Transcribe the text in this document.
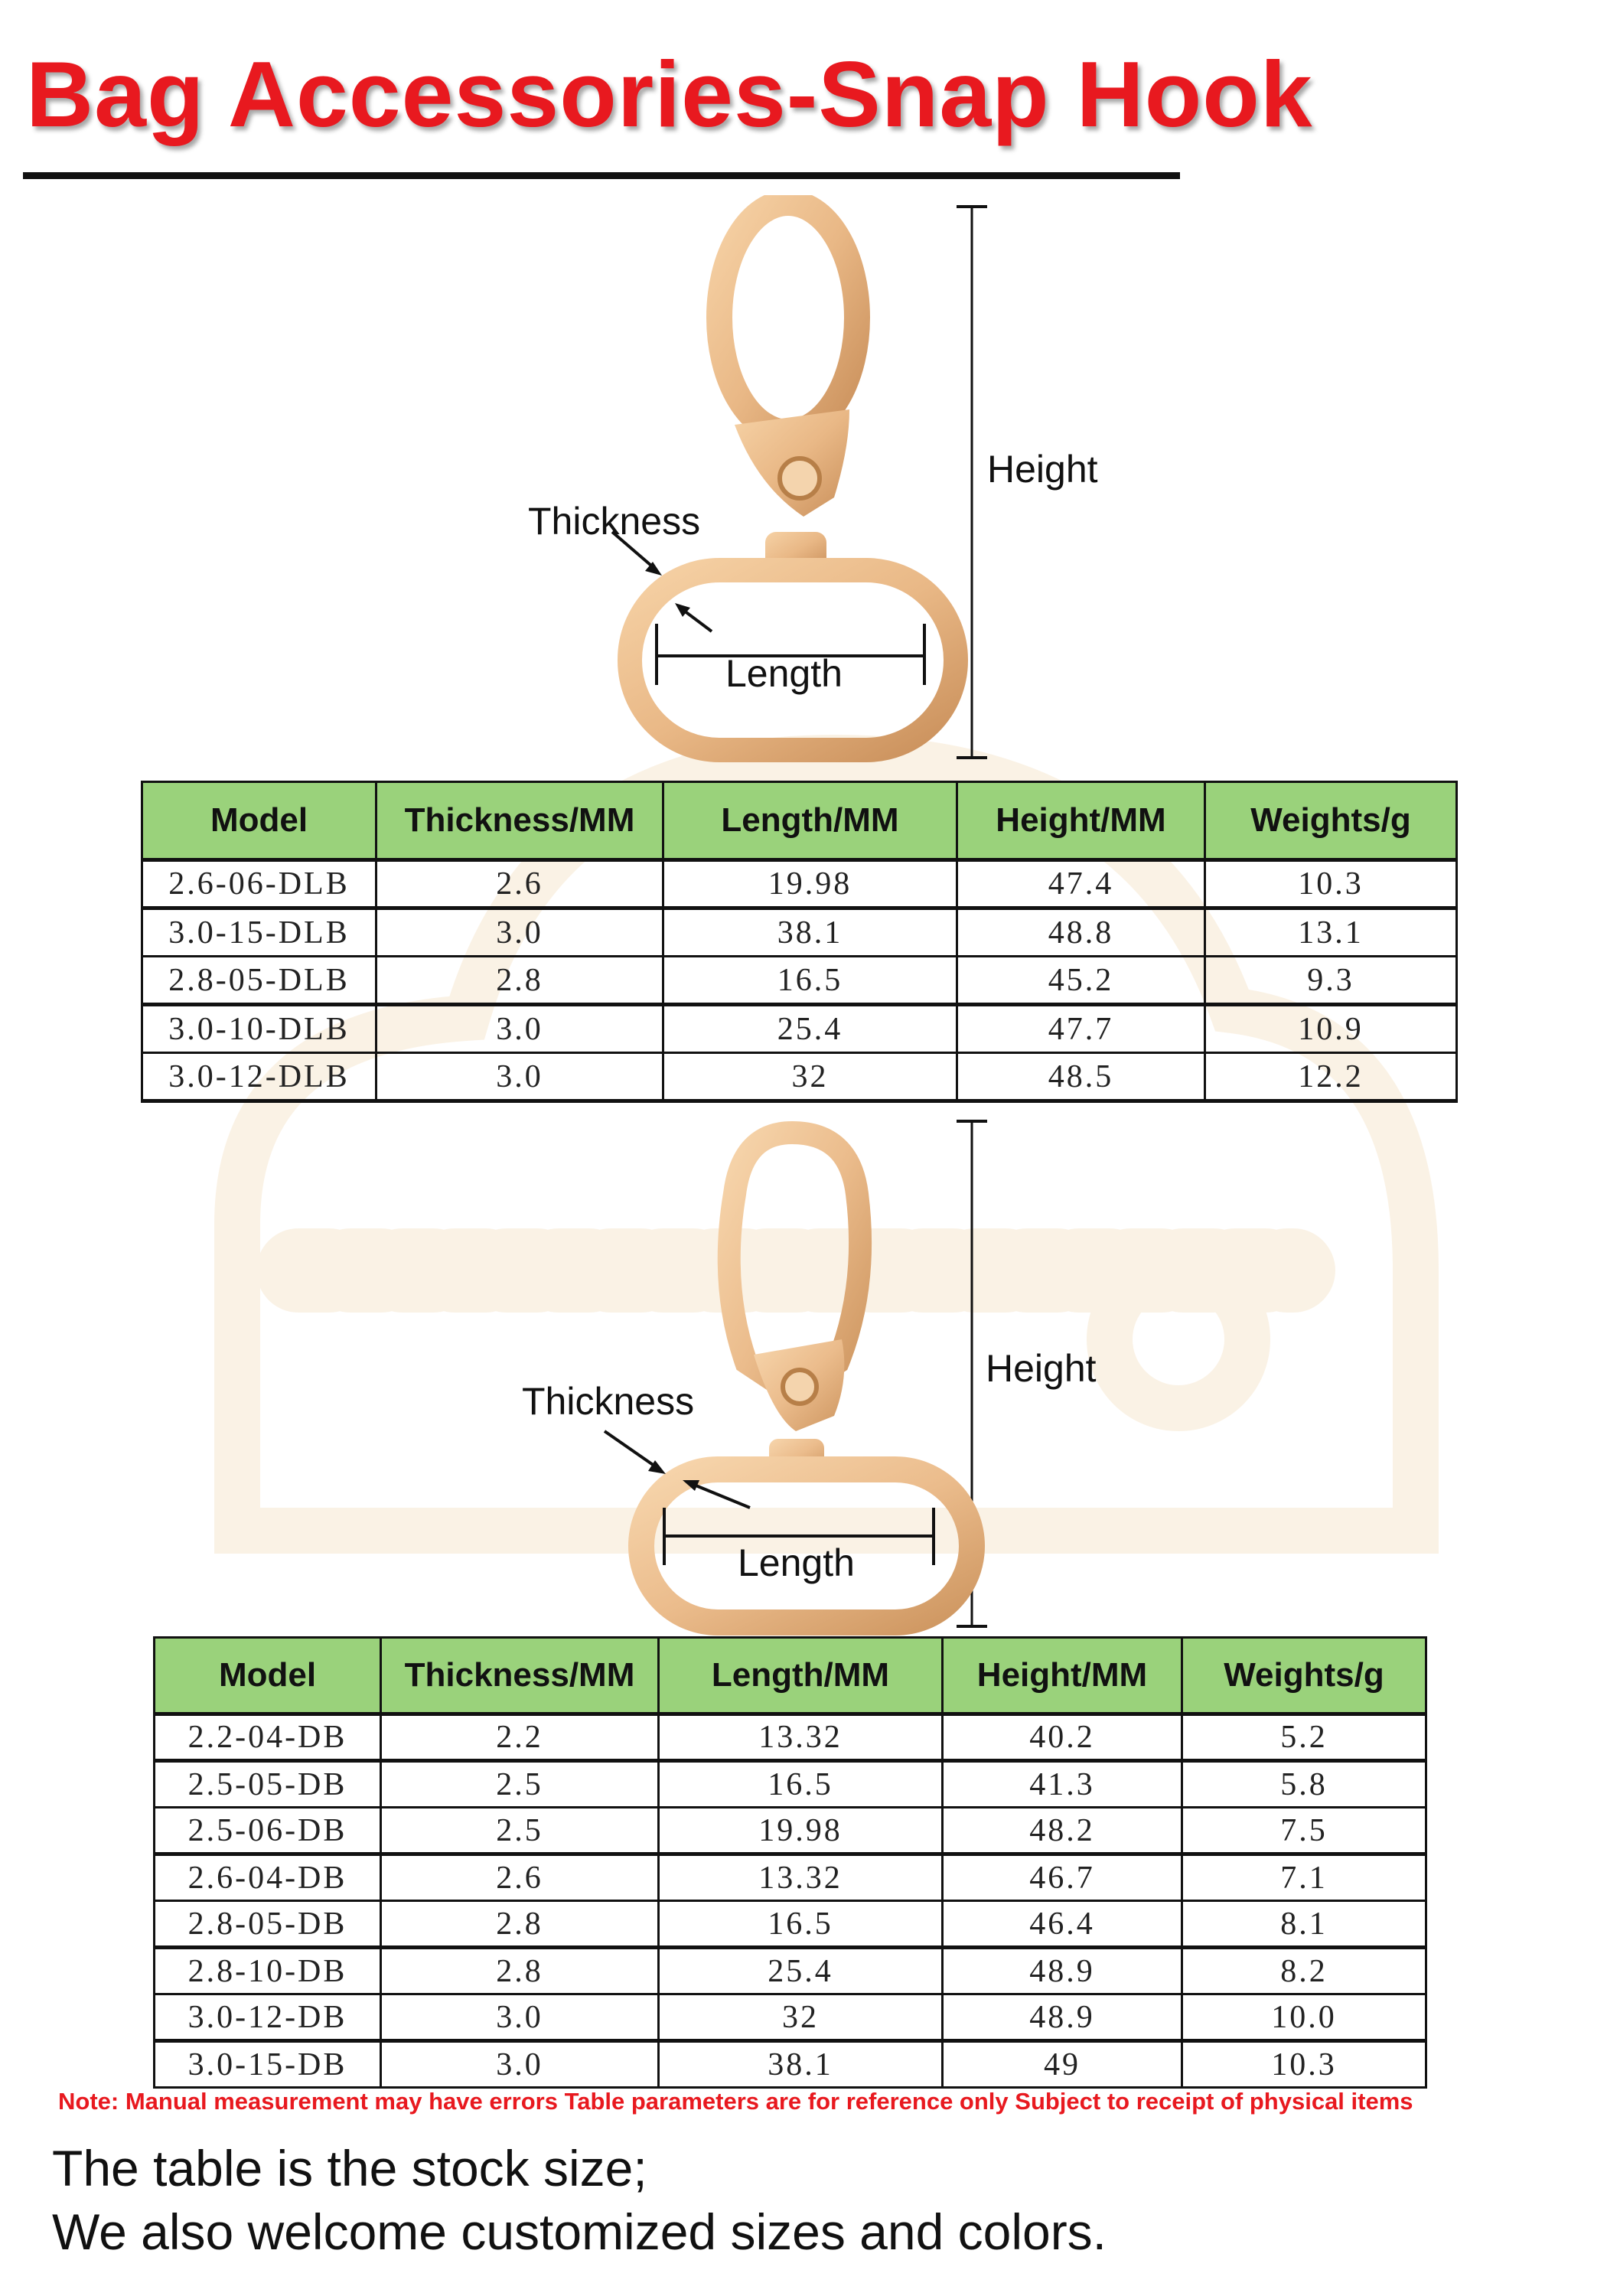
Bag Accessories-Snap Hook
Height
Thickness
Length
Model	Thickness/MM	Length/MM	Height/MM	Weights/g
2.6-06-DLB	2.6	19.98	47.4	10.3
3.0-15-DLB	3.0	38.1	48.8	13.1
2.8-05-DLB	2.8	16.5	45.2	9.3
3.0-10-DLB	3.0	25.4	47.7	10.9
3.0-12-DLB	3.0	32	48.5	12.2
Height
Thickness
Length
Model	Thickness/MM	Length/MM	Height/MM	Weights/g
2.2-04-DB	2.2	13.32	40.2	5.2
2.5-05-DB	2.5	16.5	41.3	5.8
2.5-06-DB	2.5	19.98	48.2	7.5
2.6-04-DB	2.6	13.32	46.7	7.1
2.8-05-DB	2.8	16.5	46.4	8.1
2.8-10-DB	2.8	25.4	48.9	8.2
3.0-12-DB	3.0	32	48.9	10.0
3.0-15-DB	3.0	38.1	49	10.3
Note: Manual measurement may have errors Table parameters are for reference only Subject to receipt of physical items
The table is the stock size;
We also welcome customized sizes and colors.
